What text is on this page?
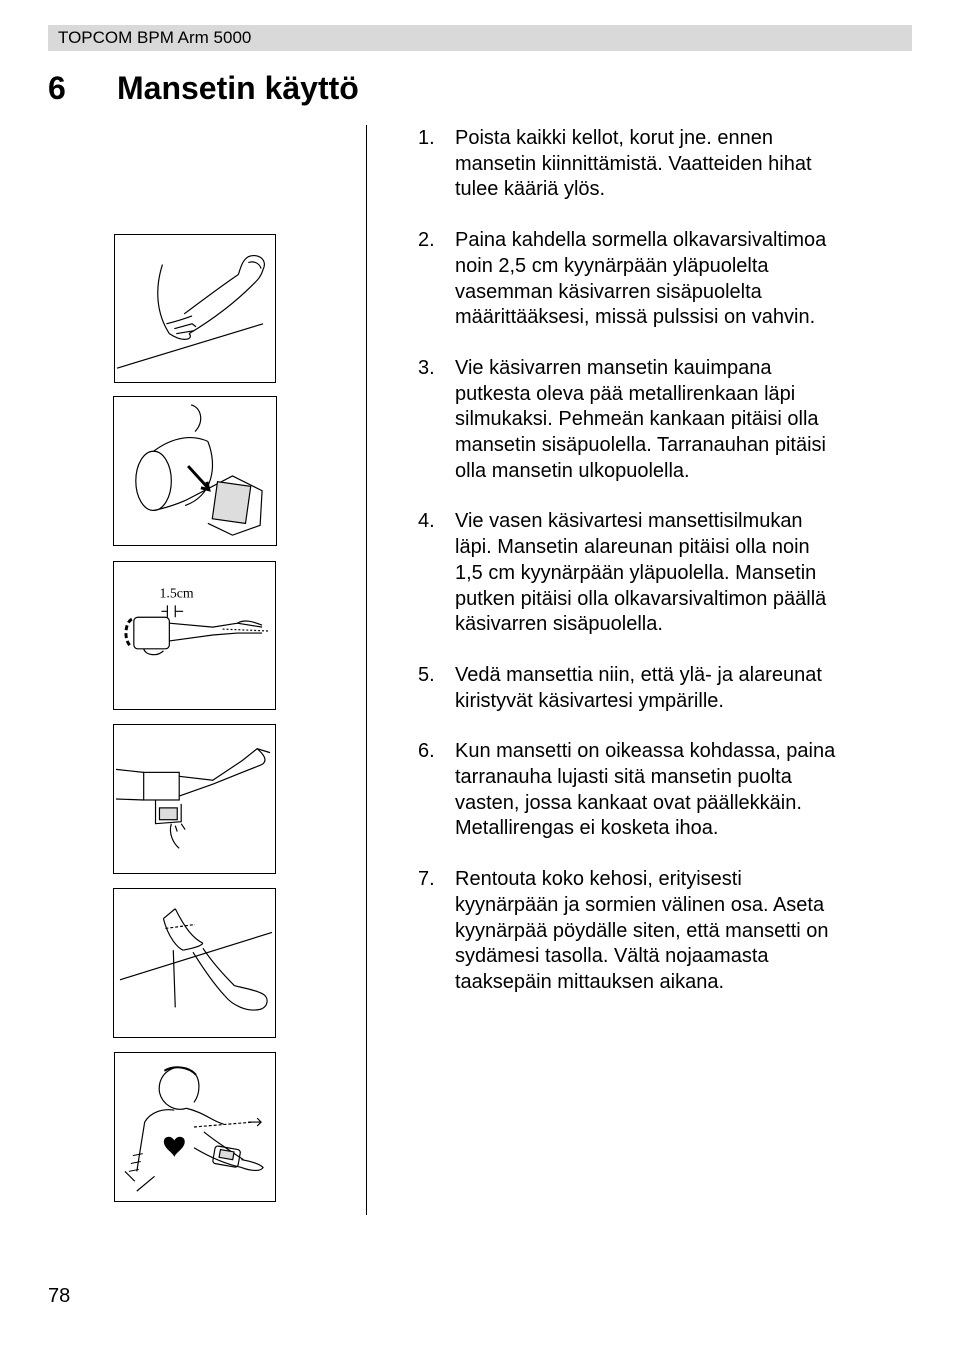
TOPCOM BPM Arm 5000
6 Mansetin käyttö
1.5cm
1. Poista kaikki kellot, korut jne. ennen mansetin kiinnittämistä. Vaatteiden hihat tulee kääriä ylös.
2. Paina kahdella sormella olkavarsivaltimoa noin 2,5 cm kyynärpään yläpuolelta vasemman käsivarren sisäpuolelta määrittääksesi, missä pulssisi on vahvin.
3. Vie käsivarren mansetin kauimpana putkesta oleva pää metallirenkaan läpi silmukaksi. Pehmeän kankaan pitäisi olla mansetin sisäpuolella. Tarranauhan pitäisi olla mansetin ulkopuolella.
4. Vie vasen käsivartesi mansettisilmukan läpi. Mansetin alareunan pitäisi olla noin 1,5 cm kyynärpään yläpuolella. Mansetin putken pitäisi olla olkavarsivaltimon päällä käsivarren sisäpuolella.
5. Vedä mansettia niin, että ylä- ja alareunat kiristyvät käsivartesi ympärille.
6. Kun mansetti on oikeassa kohdassa, paina tarranauha lujasti sitä mansetin puolta vasten, jossa kankaat ovat päällekkäin. Metallirengas ei kosketa ihoa.
7. Rentouta koko kehosi, erityisesti kyynärpään ja sormien välinen osa. Aseta kyynärpää pöydälle siten, että mansetti on sydämesi tasolla. Vältä nojaamasta taaksepäin mittauksen aikana.
78
